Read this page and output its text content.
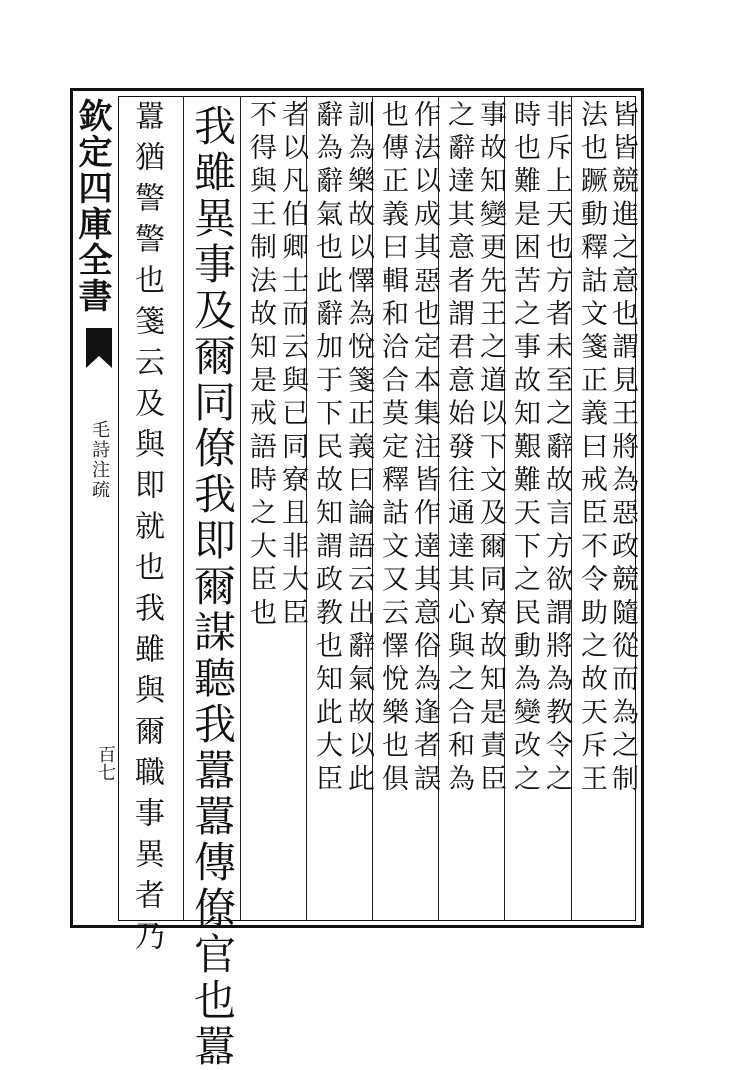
欽定四庫全書
毛詩注疏
百七	皆皆競進之意也謂見王將為惡政競隨從而為之制
法也蹶動釋詁文箋正義曰戒臣不令助之故天斥王
非斥上天也方者未至之辭故言方欲謂將為教令之
時也難是困苦之事故知艱難天下之民動為變改之
事故知變更先王之道以下文及爾同寮故知是責臣
之辭達其意者謂君意始發往通達其心與之合和為
作法以成其惡也定本集注皆作達其意俗為逢者誤
也傳正義曰輯和洽合莫定釋詁文又云懌悅樂也俱
訓為樂故以懌為悅箋正義曰論語云出辭氣故以此
辭為辭氣也此辭加于下民故知謂政教也知此大臣
者以凡伯卿士而云與已同寮且非大臣
不得與王制法故知是戒語時之大臣也
我雖異事及爾同僚我即爾謀聽我囂囂傳僚官也囂
囂猶警警也箋云及與即就也我雖與爾職事異者乃
